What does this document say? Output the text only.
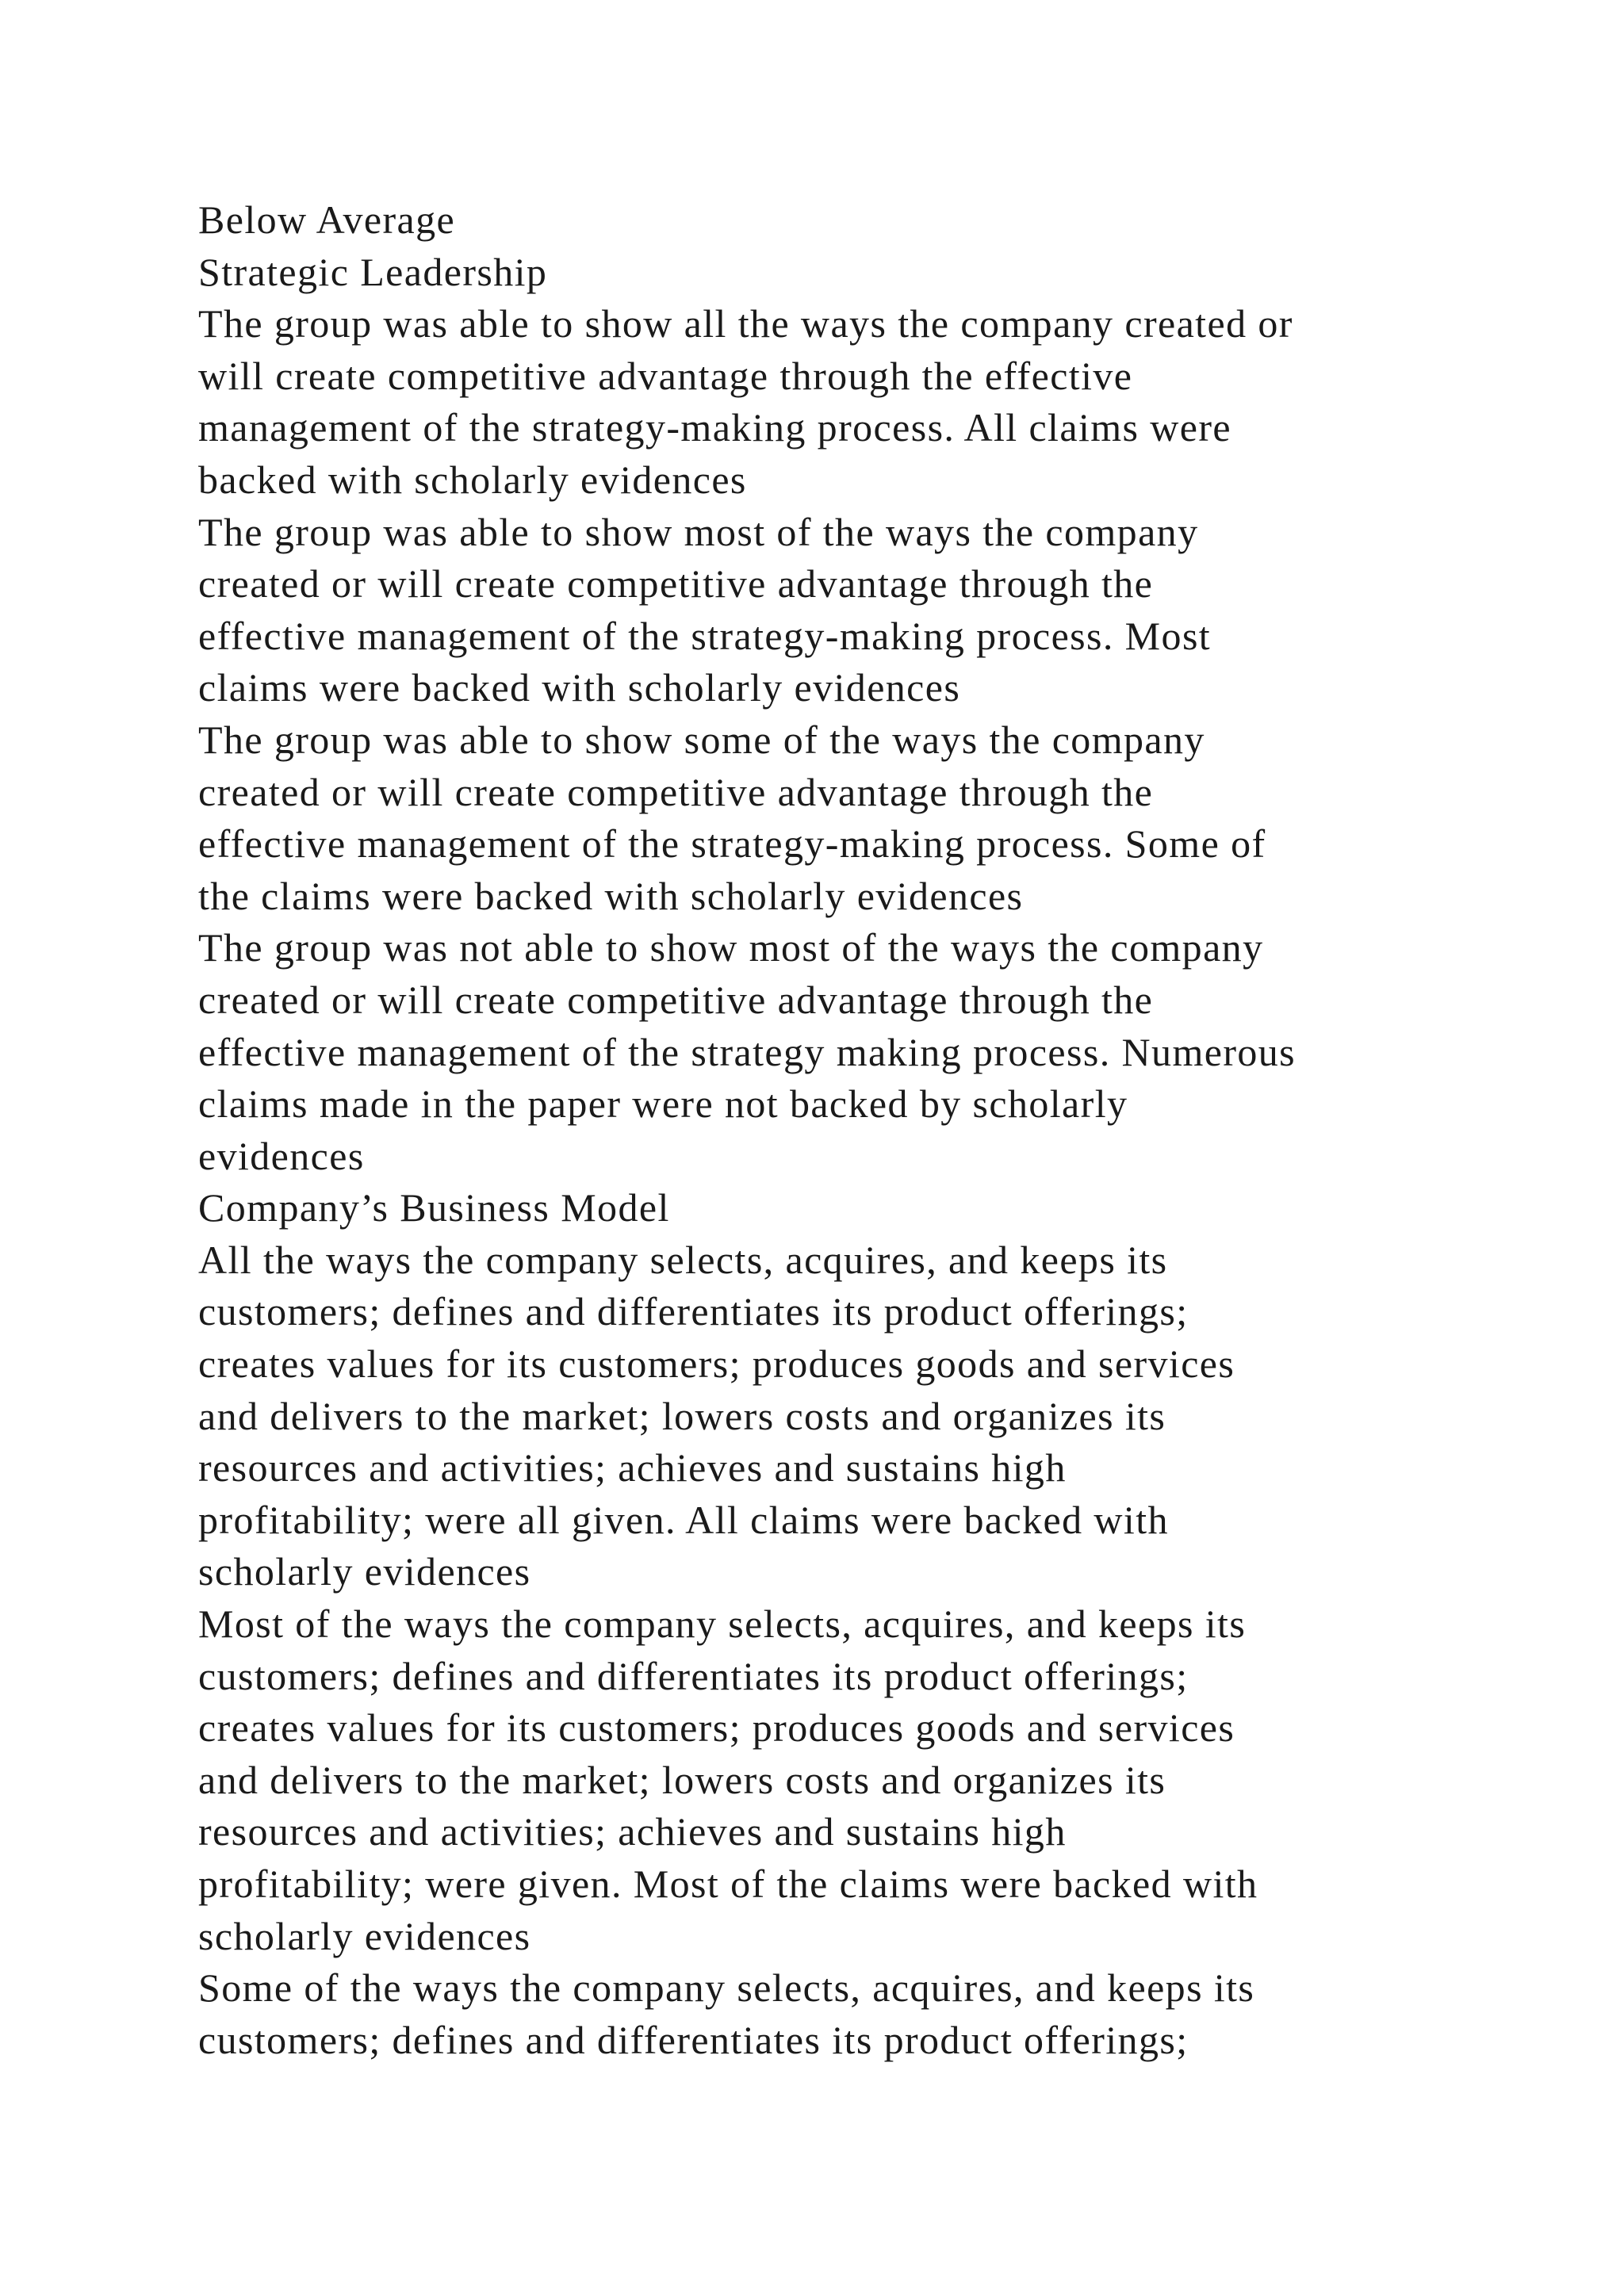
Below Average
Strategic Leadership
The group was able to show all the ways the company created or
will create competitive advantage through the effective
management of the strategy-making process. All claims were
backed with scholarly evidences
The group was able to show most of the ways the company
created or will create competitive advantage through the
effective management of the strategy-making process. Most
claims were backed with scholarly evidences
The group was able to show some of the ways the company
created or will create competitive advantage through the
effective management of the strategy-making process. Some of
the claims were backed with scholarly evidences
The group was not able to show most of the ways the company
created or will create competitive advantage through the
effective management of the strategy making process. Numerous
claims made in the paper were not backed by scholarly
evidences
Company’s Business Model
All the ways the company selects, acquires, and keeps its
customers; defines and differentiates its product offerings;
creates values for its customers; produces goods and services
and delivers to the market; lowers costs and organizes its
resources and activities; achieves and sustains high
profitability; were all given. All claims were backed with
scholarly evidences
Most of the ways the company selects, acquires, and keeps its
customers; defines and differentiates its product offerings;
creates values for its customers; produces goods and services
and delivers to the market; lowers costs and organizes its
resources and activities; achieves and sustains high
profitability; were given. Most of the claims were backed with
scholarly evidences
Some of the ways the company selects, acquires, and keeps its
customers; defines and differentiates its product offerings;
